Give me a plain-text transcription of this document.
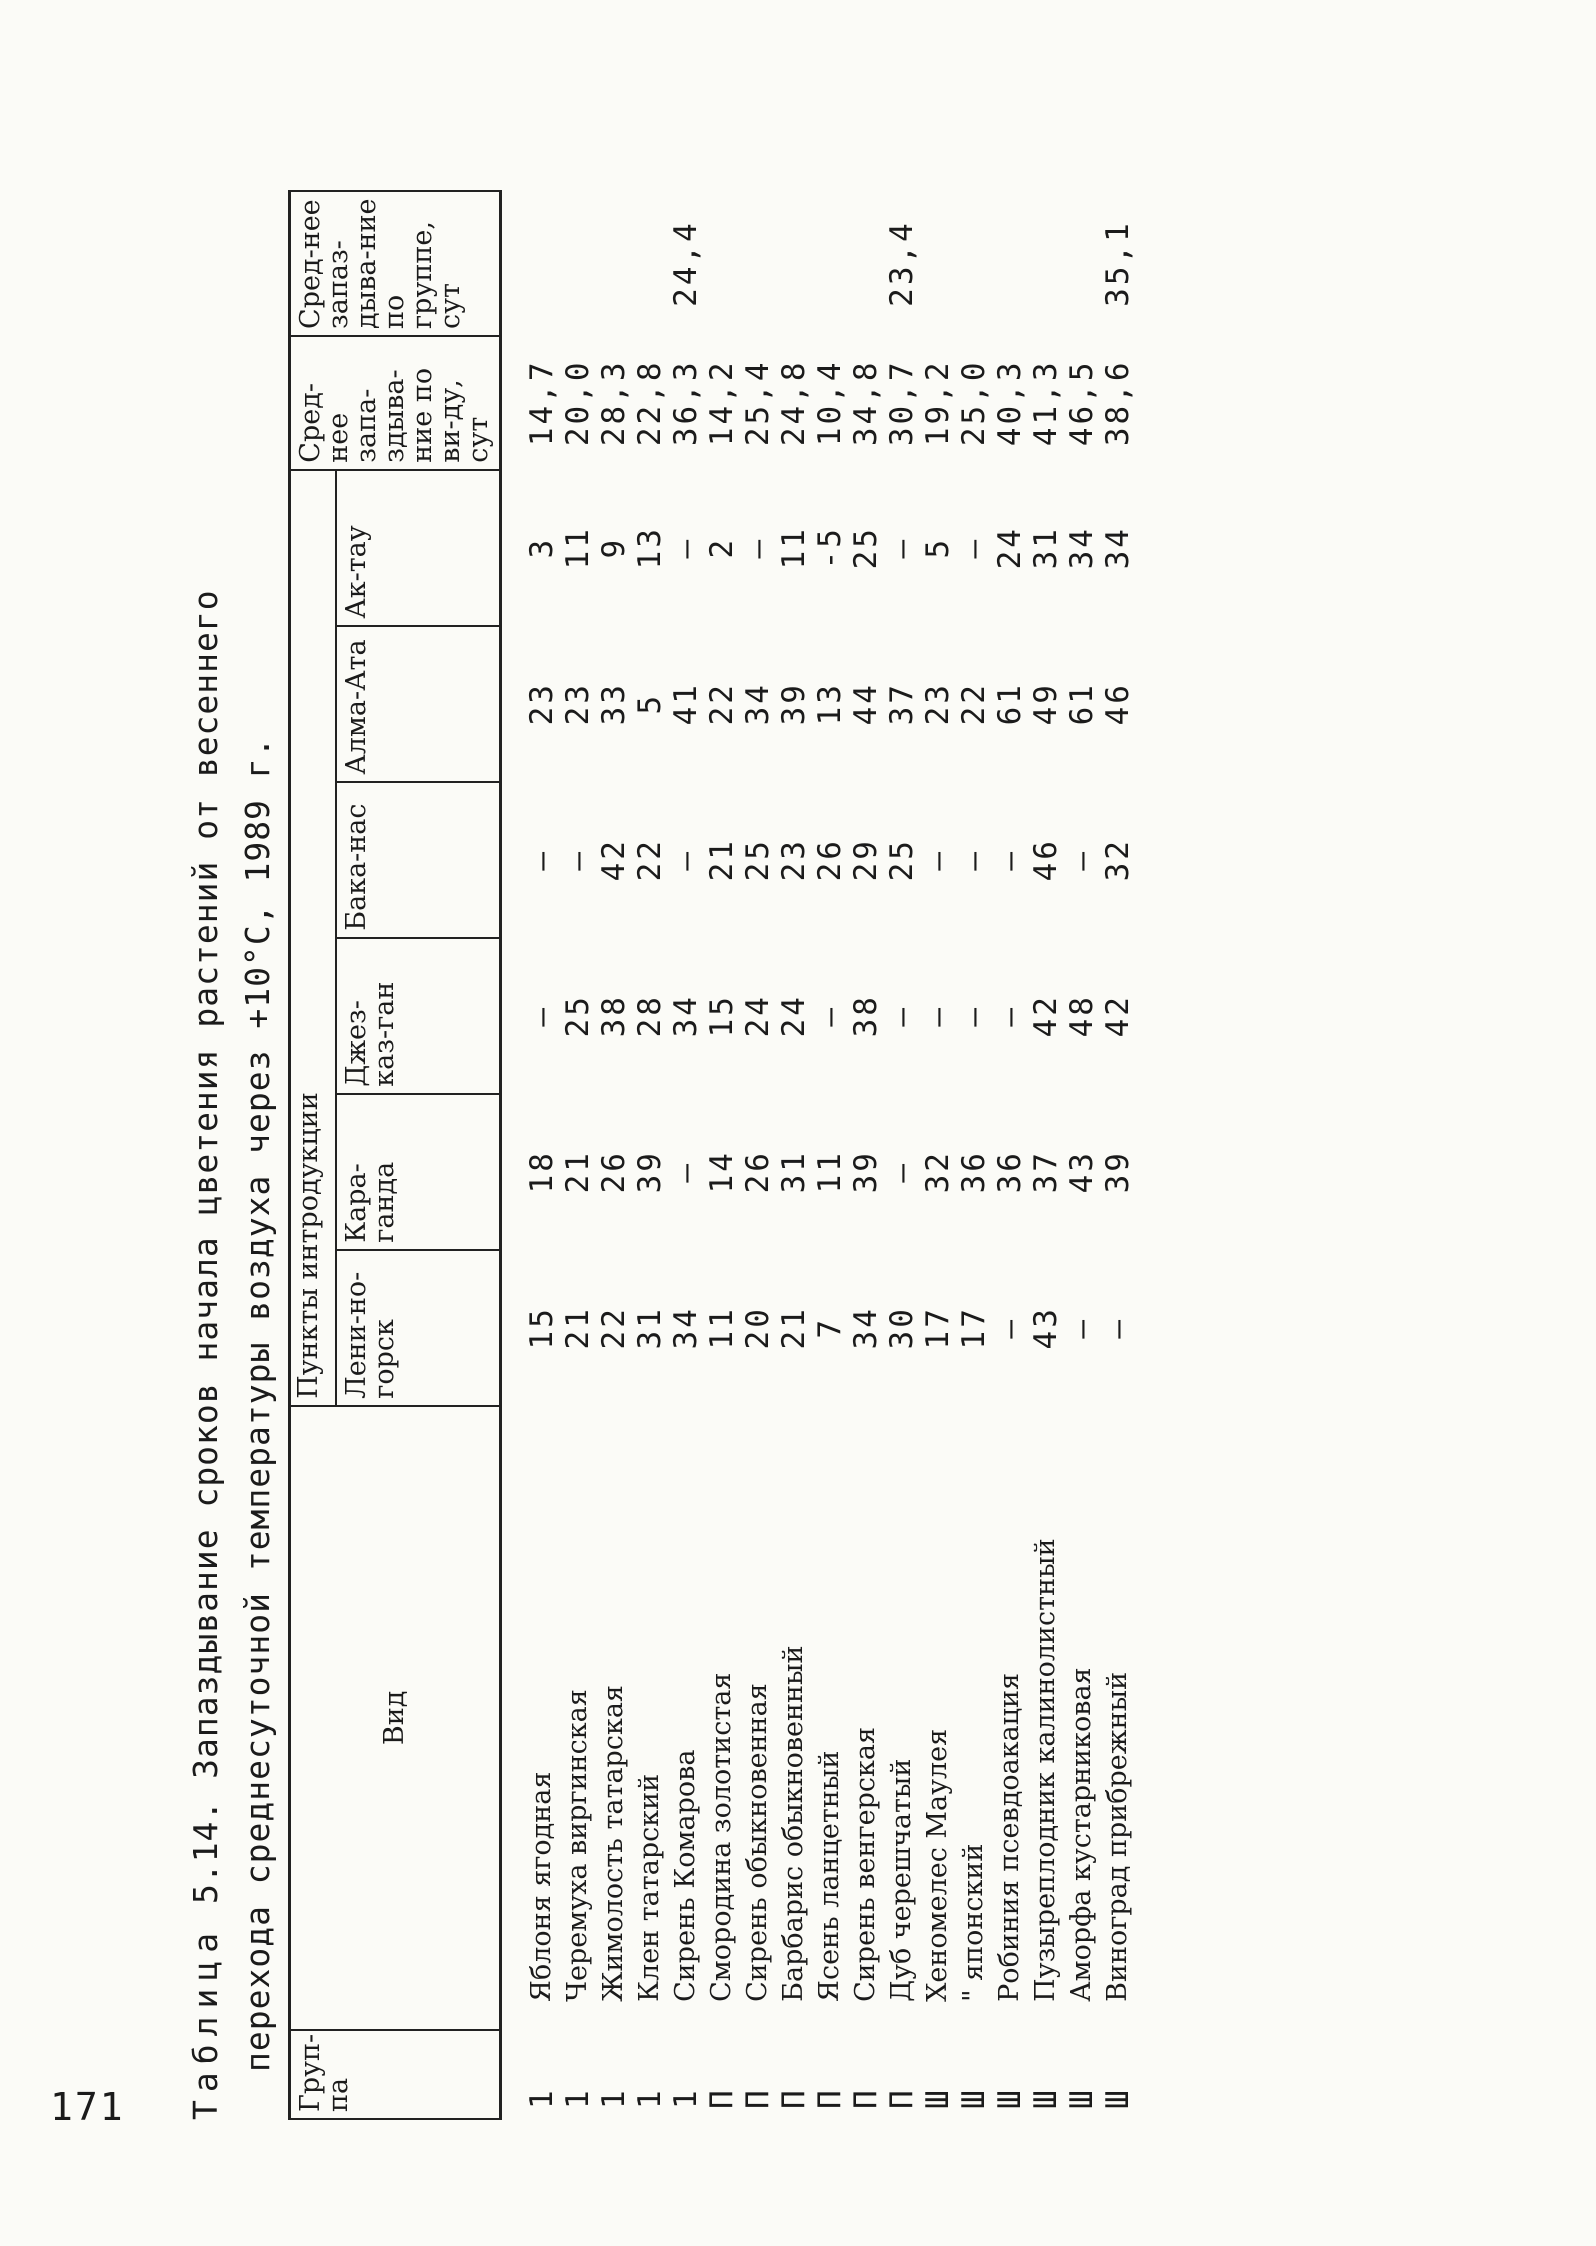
171 Таблица 5.14. Запаздывание сроков начала цветения растений от весеннего перехода среднесуточной температуры воздуха через +10°С, 1989 г.
Груп-па	Вид	Пункты интродукции						Сред-нее запа-здыва-ние по ви-ду, сут	Сред-нее запаз-дыва-ние по группе, сут
		Лени-но-горск	Кара-ганда	Джез-каз-ган	Бака-нас	Алма-Ата	Ак-тау		
1	Яблоня ягодная	15	18	–	–	23	3	14,7	
1	Черемуха виргинская	21	21	25	–	23	11	20,0	
1	Жимолость татарская	22	26	38	42	33	9	28,3	
1	Клен татарский	31	39	28	22	5	13	22,8	
1	Сирень Комарова	34	–	34	–	41	–	36,3	24,4
П	Смородина золотистая	11	14	15	21	22	2	14,2	
П	Сирень обыкновенная	20	26	24	25	34	–	25,4	
П	Барбарис обыкновенный	21	31	24	23	39	11	24,8	
П	Ясень ланцетный	7	11	–	26	13	-5	10,4	
П	Сирень венгерская	34	39	38	29	44	25	34,8	
П	Дуб черешчатый	30	–	–	25	37	–	30,7	23,4
Ш	Хеномелес Маулея	17	32	–	–	23	5	19,2	
Ш	" японский	17	36	–	–	22	–	25,0	
Ш	Робиния псевдоакация	–	36	–	–	61	24	40,3	
Ш	Пузыреплодник калинолистный	43	37	42	46	49	31	41,3	
Ш	Аморфа кустарниковая	–	43	48	–	61	34	46,5	
Ш	Виноград прибрежный	–	39	42	32	46	34	38,6	35,1
